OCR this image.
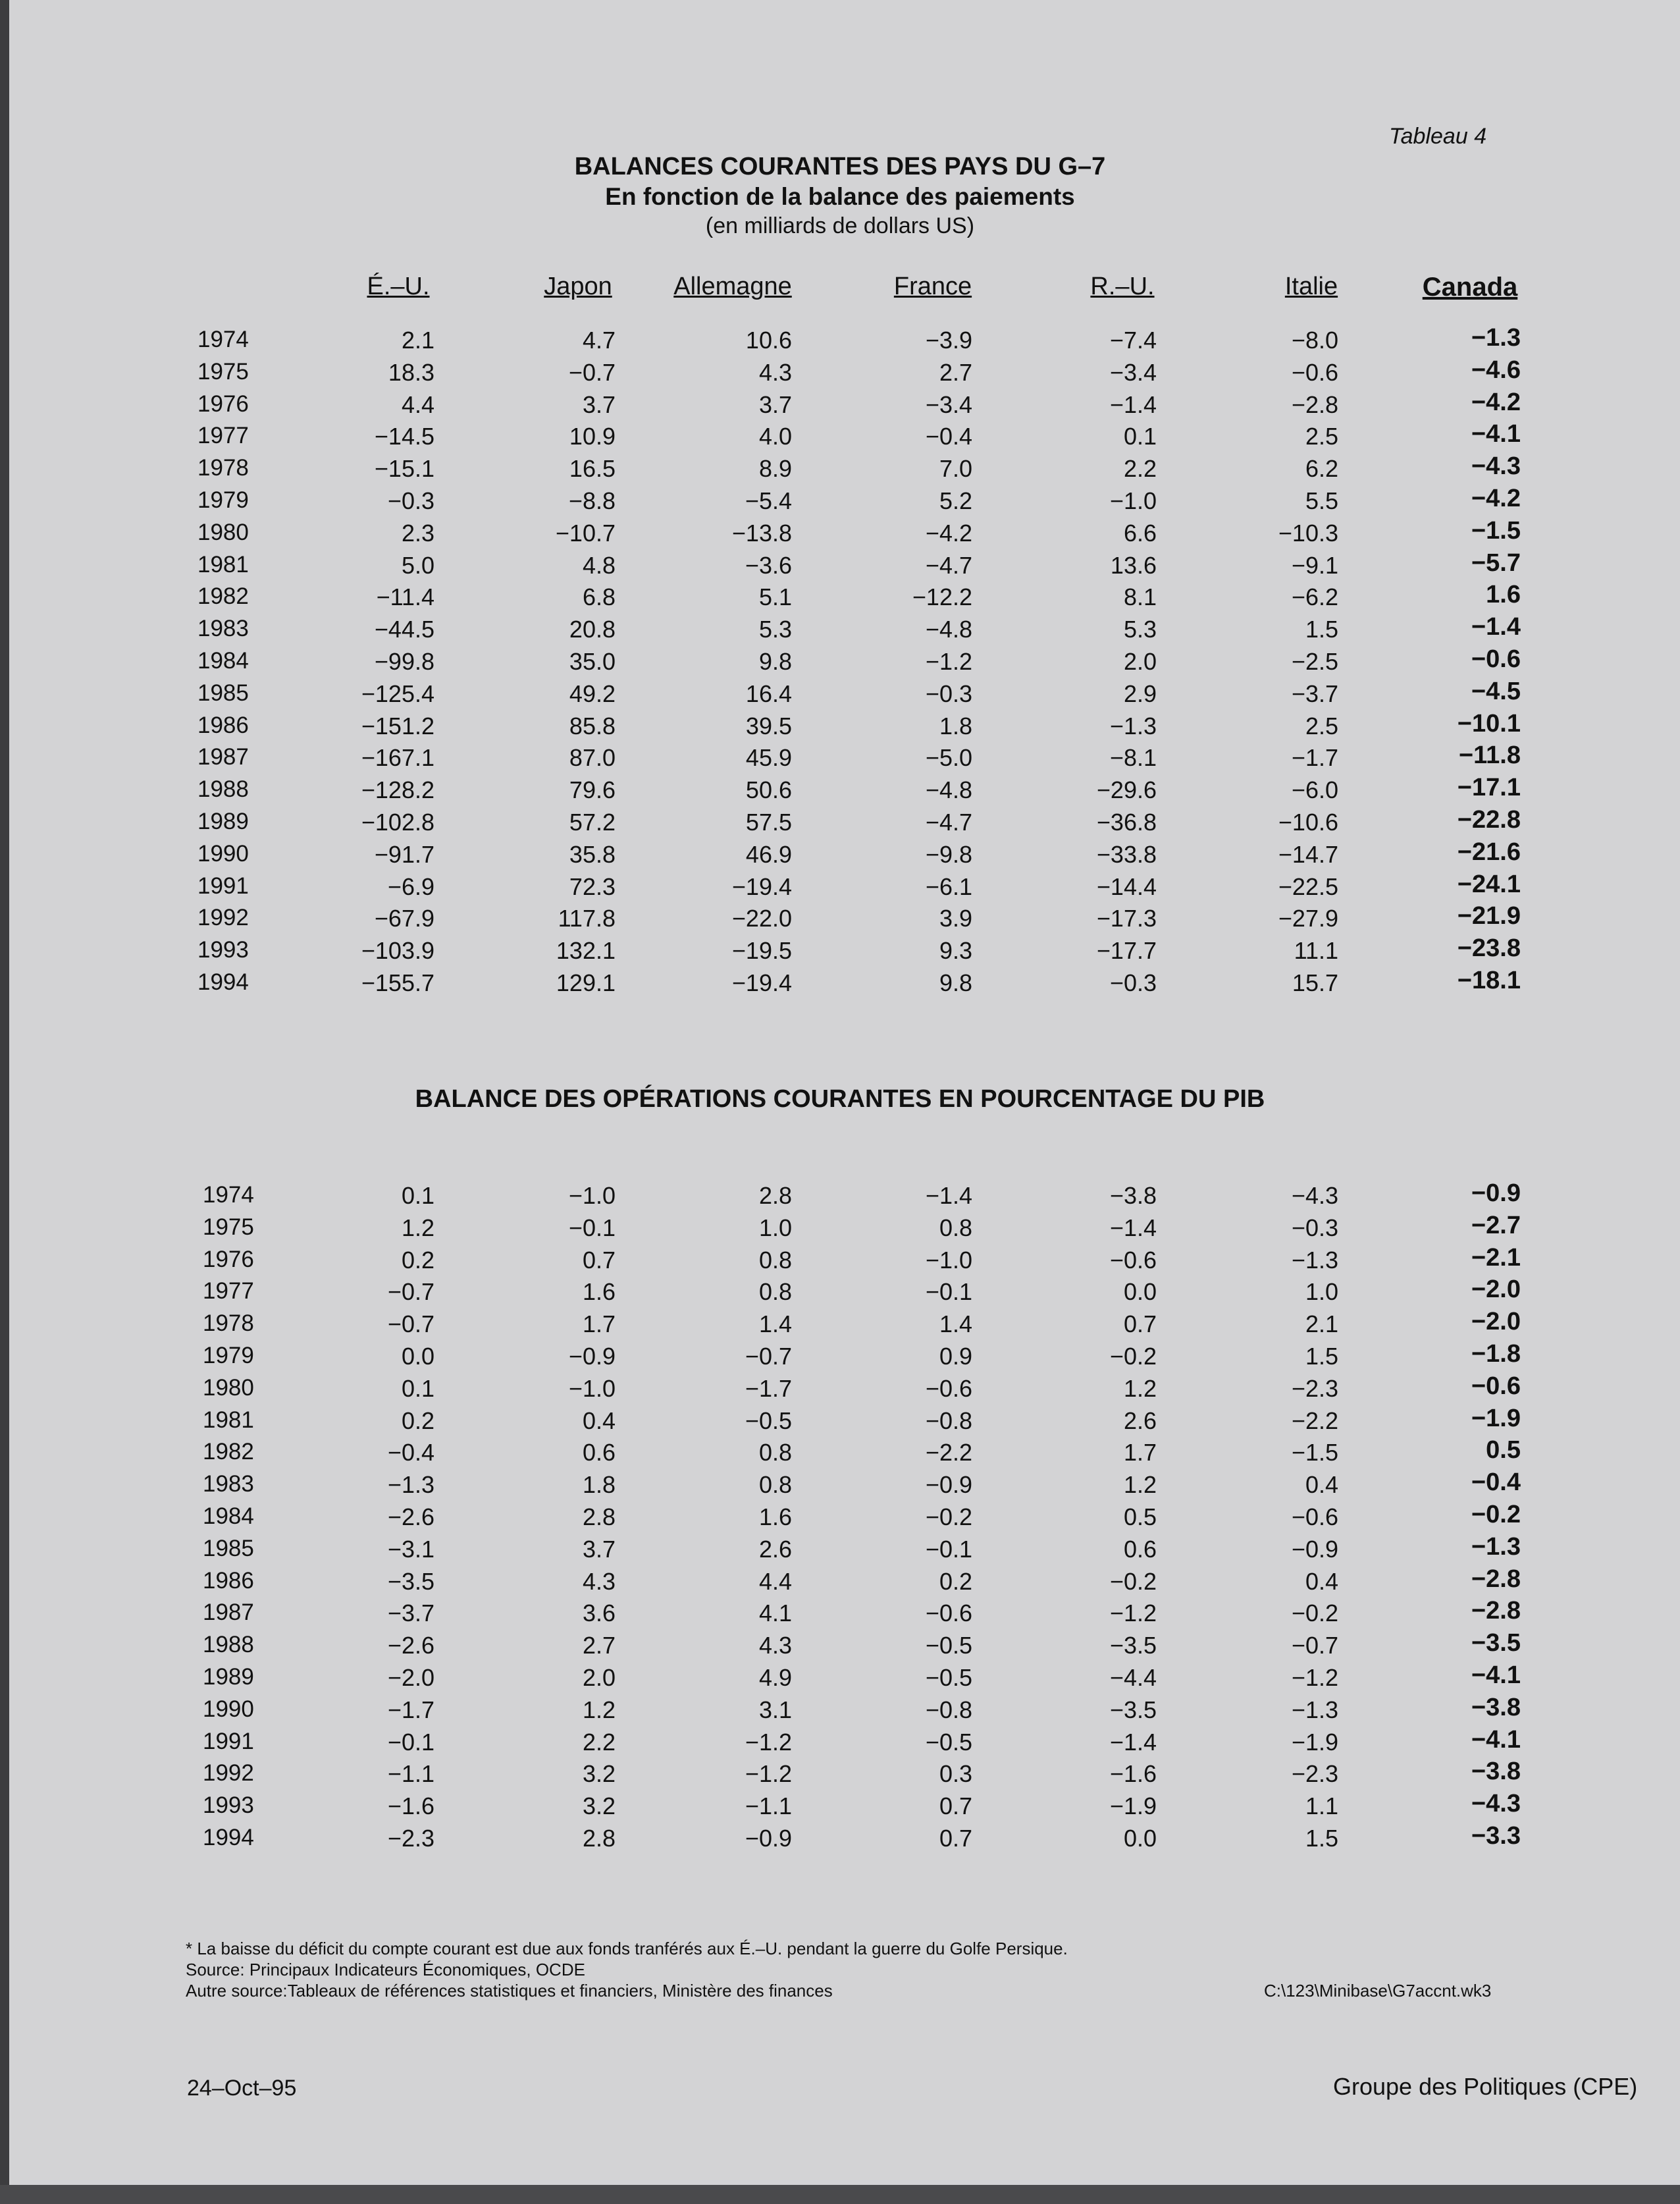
Tableau 4
BALANCES COURANTES DES PAYS DU G–7
En fonction de la balance des paiements
(en milliards de dollars US)
É.–U.	Japon Allemagne	France	R.–U.	Italie	Canada
1974	2.1	4.7	10.6	−3.9	−7.4	−8.0	−1.3
1975	18.3	−0.7	4.3	2.7	−3.4	−0.6	−4.6
1976	4.4	3.7	3.7	−3.4	−1.4	−2.8	−4.2
1977	−14.5	10.9	4.0	−0.4	0.1	2.5	−4.1
1978	−15.1	16.5	8.9	7.0	2.2	6.2	−4.3
1979	−0.3	−8.8	−5.4	5.2	−1.0	5.5	−4.2
1980	2.3	−10.7	−13.8	−4.2	6.6	−10.3	−1.5
1981	5.0	4.8	−3.6	−4.7	13.6	−9.1	−5.7
1982	−11.4	6.8	5.1	−12.2	8.1	−6.2	1.6
1983	−44.5	20.8	5.3	−4.8	5.3	1.5	−1.4
1984	−99.8	35.0	9.8	−1.2	2.0	−2.5	−0.6
1985	−125.4	49.2	16.4	−0.3	2.9	−3.7	−4.5
1986	−151.2	85.8	39.5	1.8	−1.3	2.5	−10.1
1987	−167.1	87.0	45.9	−5.0	−8.1	−1.7	−11.8
1988	−128.2	79.6	50.6	−4.8	−29.6	−6.0	−17.1
1989	−102.8	57.2	57.5	−4.7	−36.8	−10.6	−22.8
1990	−91.7	35.8	46.9	−9.8	−33.8	−14.7	−21.6
1991	−6.9	72.3	−19.4	−6.1	−14.4	−22.5	−24.1
1992	−67.9	117.8	−22.0	3.9	−17.3	−27.9	−21.9
1993	−103.9	132.1	−19.5	9.3	−17.7	11.1	−23.8
1994	−155.7	129.1	−19.4	9.8	−0.3	15.7	−18.1
BALANCE DES OPÉRATIONS COURANTES EN POURCENTAGE DU PIB
1974	0.1	−1.0	2.8	−1.4	−3.8	−4.3	−0.9
1975	1.2	−0.1	1.0	0.8	−1.4	−0.3	−2.7
1976	0.2	0.7	0.8	−1.0	−0.6	−1.3	−2.1
1977	−0.7	1.6	0.8	−0.1	0.0	1.0	−2.0
1978	−0.7	1.7	1.4	1.4	0.7	2.1	−2.0
1979	0.0	−0.9	−0.7	0.9	−0.2	1.5	−1.8
1980	0.1	−1.0	−1.7	−0.6	1.2	−2.3	−0.6
1981	0.2	0.4	−0.5	−0.8	2.6	−2.2	−1.9
1982	−0.4	0.6	0.8	−2.2	1.7	−1.5	0.5
1983	−1.3	1.8	0.8	−0.9	1.2	0.4	−0.4
1984	−2.6	2.8	1.6	−0.2	0.5	−0.6	−0.2
1985	−3.1	3.7	2.6	−0.1	0.6	−0.9	−1.3
1986	−3.5	4.3	4.4	0.2	−0.2	0.4	−2.8
1987	−3.7	3.6	4.1	−0.6	−1.2	−0.2	−2.8
1988	−2.6	2.7	4.3	−0.5	−3.5	−0.7	−3.5
1989	−2.0	2.0	4.9	−0.5	−4.4	−1.2	−4.1
1990	−1.7	1.2	3.1	−0.8	−3.5	−1.3	−3.8
1991	−0.1	2.2	−1.2	−0.5	−1.4	−1.9	−4.1
1992	−1.1	3.2	−1.2	0.3	−1.6	−2.3	−3.8
1993	−1.6	3.2	−1.1	0.7	−1.9	1.1	−4.3
1994	−2.3	2.8	−0.9	0.7	0.0	1.5	−3.3
* La baisse du déficit du compte courant est due aux fonds tranférés aux É.–U. pendant la guerre du Golfe Persique.
Source: Principaux Indicateurs Économiques, OCDE
Autre source:Tableaux de références statistiques et financiers, Ministère des finances	C:\123\Minibase\G7accnt.wk3
24–Oct–95	Groupe des Politiques (CPE)
